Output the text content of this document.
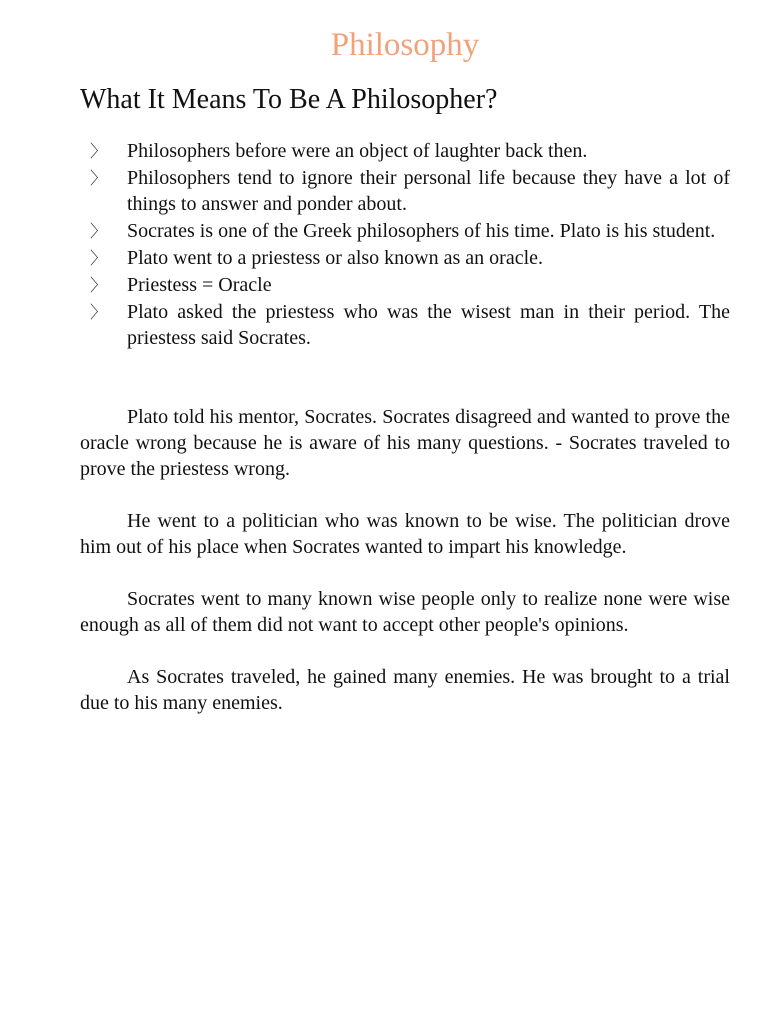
Philosophy
What It Means To Be A Philosopher?
〉 Philosophers before were an object of laughter back then.
〉 Philosophers tend to ignore their personal life because they have a lot of things to answer and ponder about.
〉 Socrates is one of the Greek philosophers of his time. Plato is his student.
〉 Plato went to a priestess or also known as an oracle.
〉 Priestess = Oracle
〉 Plato asked the priestess who was the wisest man in their period. The priestess said Socrates.

Plato told his mentor, Socrates. Socrates disagreed and wanted to prove the oracle wrong because he is aware of his many questions. - Socrates traveled to prove the priestess wrong.

He went to a politician who was known to be wise. The politician drove him out of his place when Socrates wanted to impart his knowledge.

Socrates went to many known wise people only to realize none were wise enough as all of them did not want to accept other people's opinions.

As Socrates traveled, he gained many enemies. He was brought to a trial due to his many enemies.
